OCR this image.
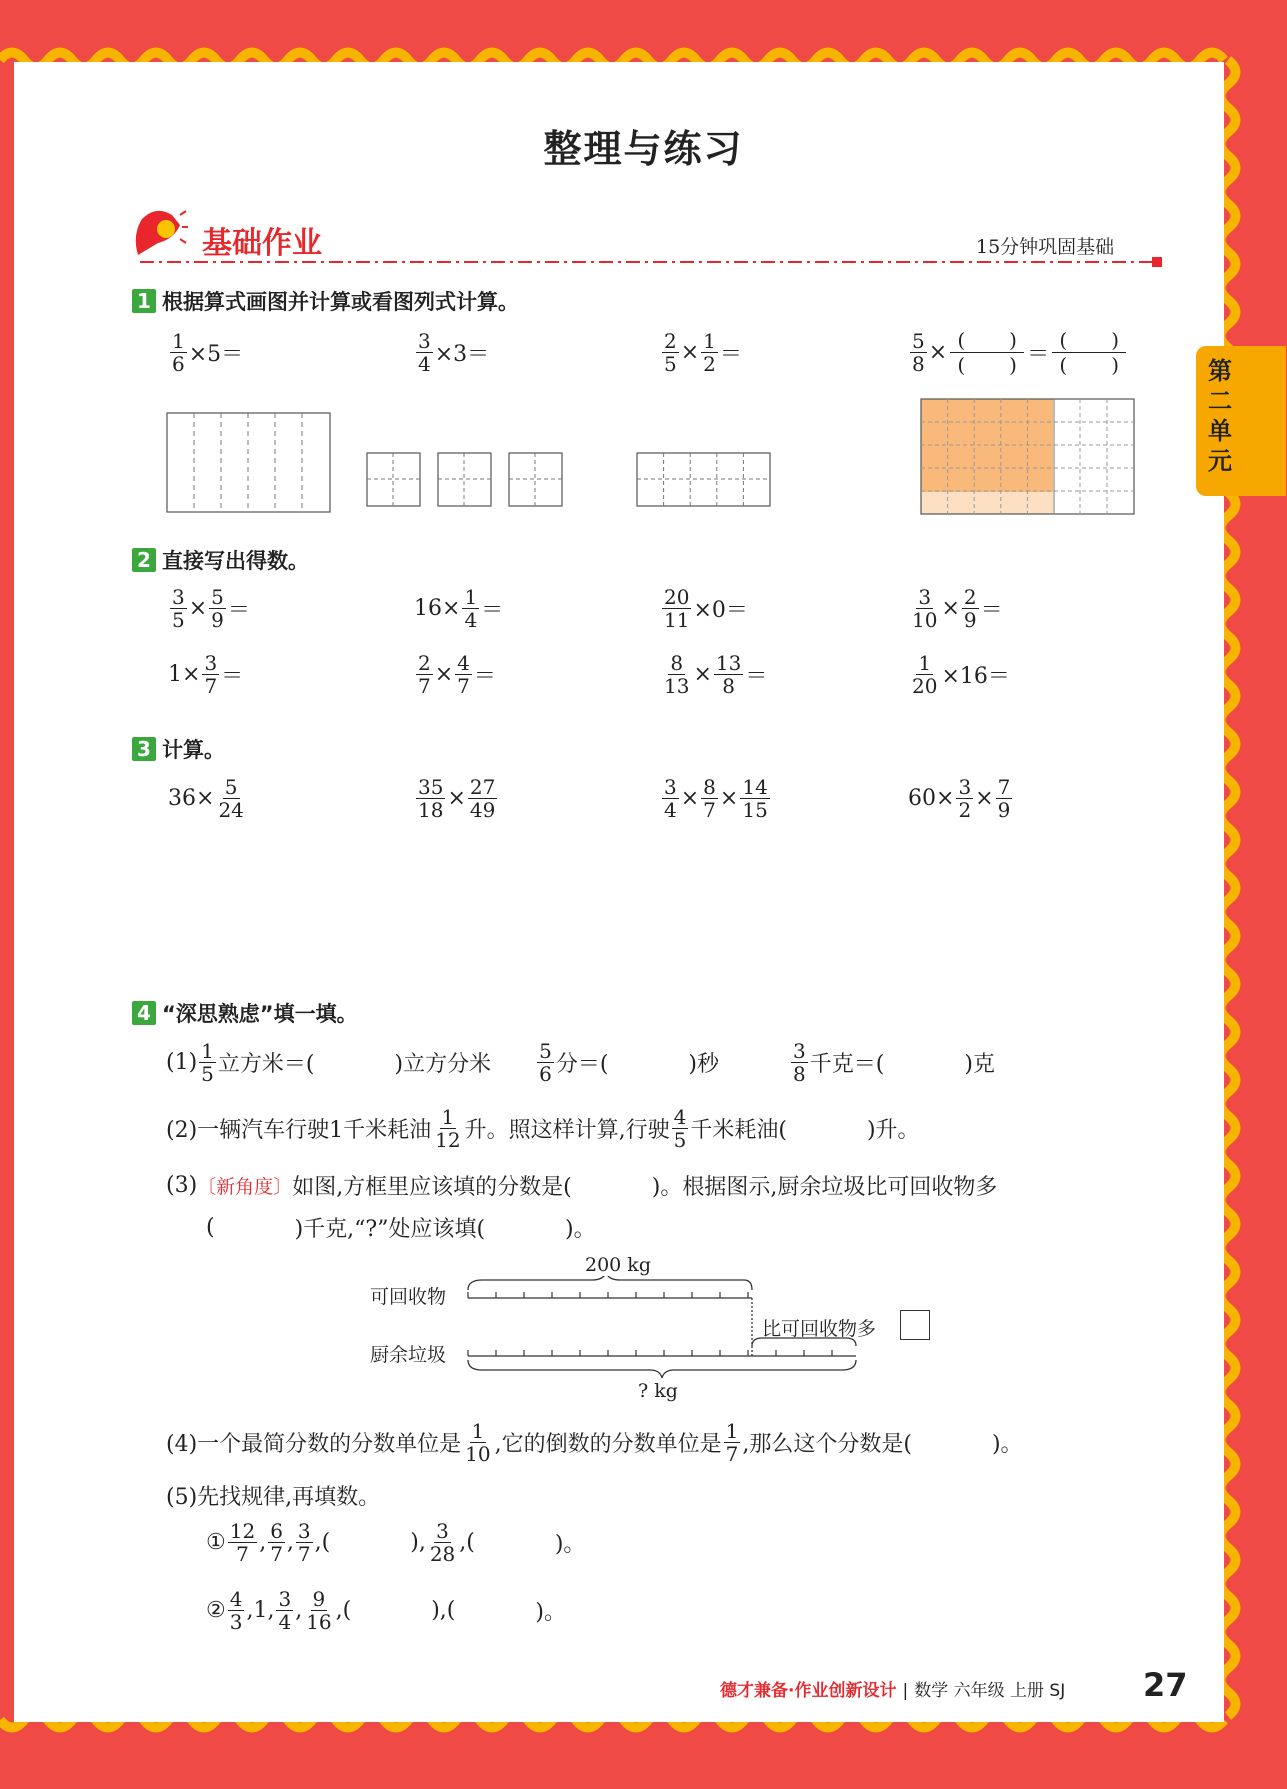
整理与练习
基础作业	15分钟巩固基础
第二单元
1 根据算式画图并计算或看图列式计算。
$\frac{1}{6} \times 5=$	$\frac{3}{4} \times 3=$	$\frac{2}{5} \times \frac{1}{2}$ ＝	$\frac{5}{8} \times \frac{( )}{( )} = \frac{( )}{( )}$
2 直接写出得数。
$\frac{3}{5} \times \frac{5}{9}$ ＝	$16\times \frac{1}{4}$ ＝	$\frac{20}{11} \times 0=$	$\frac{3}{10} \times \frac{2}{9}$ ＝
$1\times \frac{3}{7}$ ＝	$\frac{2}{7} \times \frac{4}{7}$ ＝	$\frac{8}{13} \times \frac{13}{8}$ ＝	$\frac{1}{20} \times 16=$
3 计算。
$36\times \frac{5}{24}$	$\frac{35}{18} \times \frac{27}{49}$	$\frac{3}{4} \times \frac{8}{7} \times \frac{14}{15}$	$60\times \frac{3}{2} \times \frac{7}{9}$
4 “深思熟虑”填一填。
$(1) \frac{1}{5}$ 立方米＝(	)立方分米 $\frac{5}{6}$ 分＝(	)秒	$\frac{3}{8}$ 千克＝(	)克
(2)一辆汽车行驶1千米耗油 $\frac{1}{12}$ 升。照这样计算,行驶 $\frac{4}{5}$ 千米耗油(	)升。
(3) 〔新角度〕 如图,方框里应该填的分数是(	)。根据图示,厨余垃圾比可回收物多
(	)千克,“?”处应该填(	)。
200 kg
可回收物
厨余垃圾
比可回收物多
? kg
(4)一个最简分数的分数单位是 $\frac{1}{10}$ ,它的倒数的分数单位是 $\frac{1}{7}$ ,那么这个分数是(	)。
(5)先找规律,再填数。
① $\frac{12}{7}$ , $\frac{6}{7}$ , $\frac{3}{7}$ ,(	), $\frac{3}{28}$ ,(	)。
② $\frac{4}{3} ,1$, $\frac{3}{4}$ , $\frac{9}{16}$ ,(	),(	)。
德才兼备·作业创新设计 | 数学 六年级 上册 SJ 27
